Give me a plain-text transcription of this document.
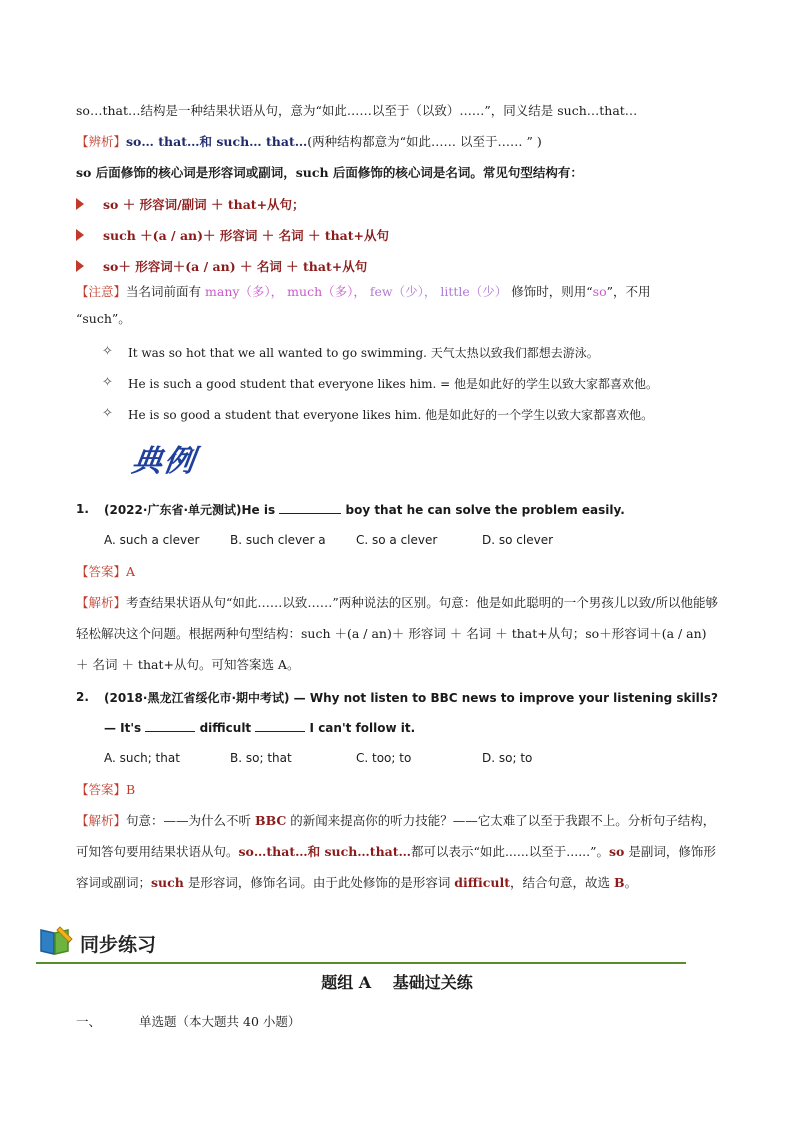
so…that…结构是一种结果状语从句，意为“如此……以至于（以致）……”，同义结是 such…that…
【辨析】so… that…和 such… that…(两种结构都意为“如此…… 以至于…… ” )
so 后面修饰的核心词是形容词或副词，such 后面修饰的核心词是名词。常见句型结构有：
so ＋ 形容词/副词 ＋ that+从句；
such ＋(a / an)＋ 形容词 ＋ 名词 ＋ that+从句
so＋ 形容词＋(a / an) ＋ 名词 ＋ that+从句
【注意】当名词前面有 many（多）， much（多）， few（少）， little（少） 修饰时，则用“so”，不用
“such”。
✧ It was so hot that we all wanted to go swimming. 天气太热以致我们都想去游泳。
✧ He is such a good student that everyone likes him. = 他是如此好的学生以致大家都喜欢他。
✧ He is so good a student that everyone likes him. 他是如此好的一个学生以致大家都喜欢他。
典例
1. (2022·广东省·单元测试)He is	boy that he can solve the problem easily.
A. such a clever	B. such clever a	C. so a clever	D. so clever
【答案】A
【解析】考查结果状语从句“如此……以致……”两种说法的区别。句意：他是如此聪明的一个男孩儿以致/所以他能够轻松解决这个问题。根据两种句型结构：such ＋(a / an)＋ 形容词 ＋ 名词 ＋ that+从句；so＋形容词＋(a / an) ＋ 名词 ＋ that+从句。可知答案选 A。
2. (2018·黑龙江省绥化市·期中考试) — Why not listen to BBC news to improve your listening skills?
— It's	difficult	I can't follow it.
A. such; that	B. so; that	C. too; to	D. so; to
【答案】B
【解析】句意：——为什么不听 BBC 的新闻来提高你的听力技能？——它太难了以至于我跟不上。分析句子结构，可知答句要用结果状语从句。so…that…和 such…that…都可以表示“如此......以至于......”。so 是副词，修饰形容词或副词；such 是形容词，修饰名词。由于此处修饰的是形容词 difficult，结合句意，故选 B。
同步练习
题组 A　 基础过关练
一、	单选题（本大题共 40 小题）
